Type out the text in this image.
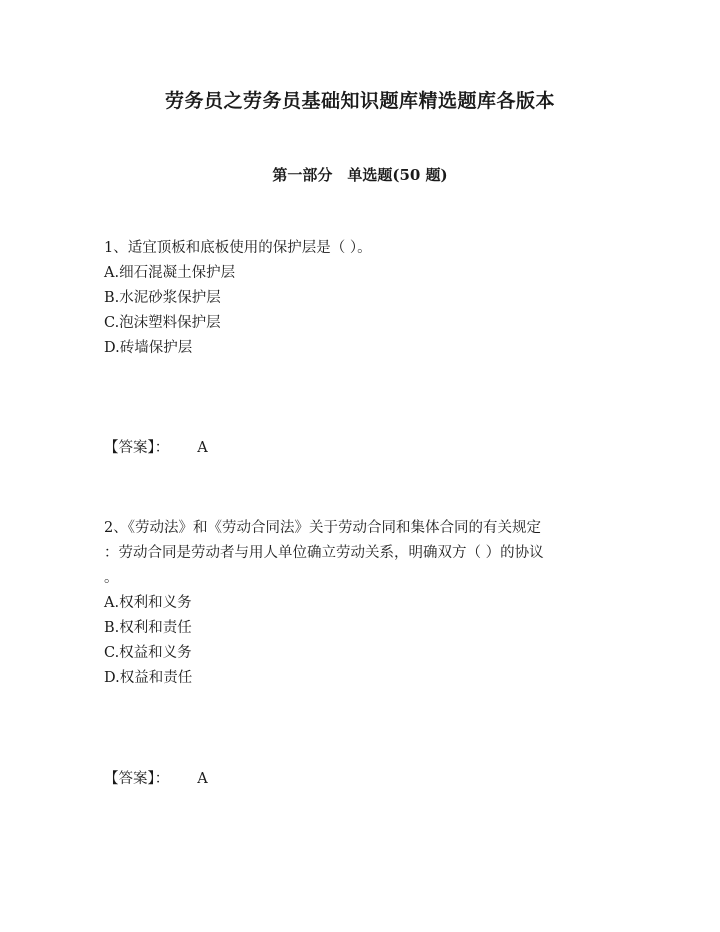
劳务员之劳务员基础知识题库精选题库各版本
第一部分　单选题(50 题)
1、适宜顶板和底板使用的保护层是（ ）。
A.细石混凝土保护层
B.水泥砂浆保护层
C.泡沫塑料保护层
D.砖墙保护层
【答案】： A
2、《劳动法》和《劳动合同法》关于劳动合同和集体合同的有关规定
：劳动合同是劳动者与用人单位确立劳动关系，明确双方（ ）的协议
。
A.权利和义务
B.权利和责任
C.权益和义务
D.权益和责任
【答案】： A
